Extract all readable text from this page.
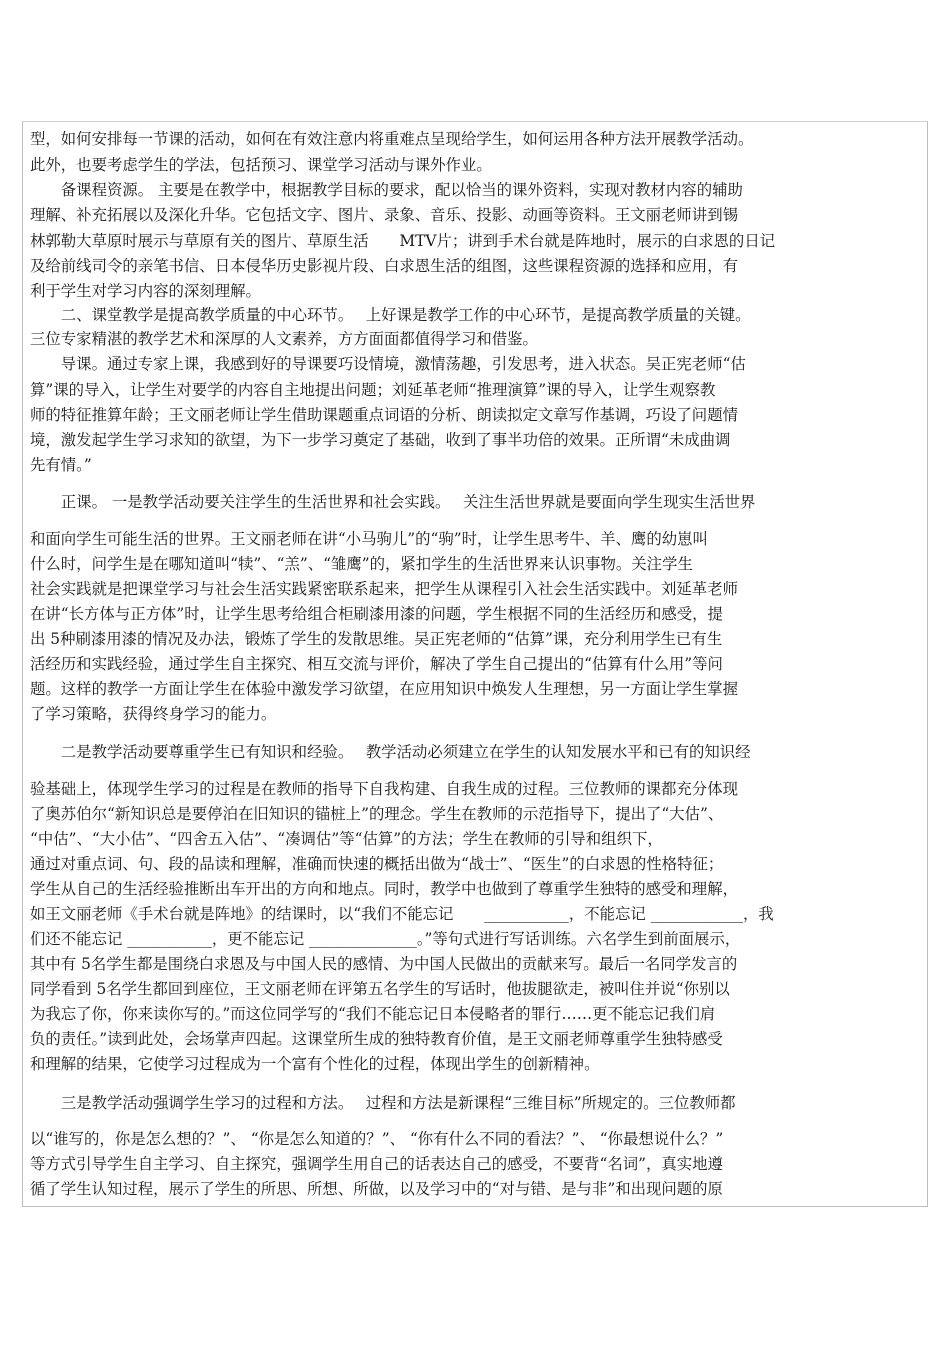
型，如何安排每一节课的活动，如何在有效注意内将重难点呈现给学生，如何运用各种方法开展教学活动。
此外，也要考虑学生的学法，包括预习、课堂学习活动与课外作业。
　　备课程资源。 主要是在教学中，根据教学目标的要求，配以恰当的课外资料，实现对教材内容的辅助
理解、补充拓展以及深化升华。它包括文字、图片、录象、音乐、投影、动画等资料。王文丽老师讲到锡
林郭勒大草原时展示与草原有关的图片、草原生活　　MTV片；讲到手术台就是阵地时，展示的白求恩的日记
及给前线司令的亲笔书信、日本侵华历史影视片段、白求恩生活的组图，这些课程资源的选择和应用，有
利于学生对学习内容的深刻理解。
　　二、课堂教学是提高教学质量的中心环节。　 上好课是教学工作的中心环节，是提高教学质量的关键。
三位专家精湛的教学艺术和深厚的人文素养，方方面面都值得学习和借鉴。
　　导课。通过专家上课，我感到好的导课要巧设情境，激情荡趣，引发思考，进入状态。吴正宪老师“估
算”课的导入，让学生对要学的内容自主地提出问题；刘延革老师“推理演算”课的导入，让学生观察教
师的特征推算年龄；王文丽老师让学生借助课题重点词语的分析、朗读拟定文章写作基调，巧设了问题情
境，激发起学生学习求知的欲望，为下一步学习奠定了基础，收到了事半功倍的效果。正所谓“未成曲调
先有情。”
　　正课。 一是教学活动要关注学生的生活世界和社会实践。　 关注生活世界就是要面向学生现实生活世界
和面向学生可能生活的世界。王文丽老师在讲“小马驹儿”的“驹”时，让学生思考牛、羊、鹰的幼崽叫
什么时，问学生是在哪知道叫“犊”、“羔”、“雏鹰”的，紧扣学生的生活世界来认识事物。关注学生
社会实践就是把课堂学习与社会生活实践紧密联系起来，把学生从课程引入社会生活实践中。刘延革老师
在讲“长方体与正方体”时，让学生思考给组合柜刷漆用漆的问题，学生根据不同的生活经历和感受，提
出 5种刷漆用漆的情况及办法，锻炼了学生的发散思维。吴正宪老师的“估算”课，充分利用学生已有生
活经历和实践经验，通过学生自主探究、相互交流与评价，解决了学生自己提出的“估算有什么用”等问
题。这样的教学一方面让学生在体验中激发学习欲望，在应用知识中焕发人生理想，另一方面让学生掌握
了学习策略，获得终身学习的能力。
　　二是教学活动要尊重学生已有知识和经验。　 教学活动必须建立在学生的认知发展水平和已有的知识经
验基础上，体现学生学习的过程是在教师的指导下自我构建、自我生成的过程。三位教师的课都充分体现
了奥苏伯尔“新知识总是要停泊在旧知识的锚桩上”的理念。学生在教师的示范指导下，提出了“大估”、
“中估”、“大小估”、“四舍五入估”、“凑调估”等“估算”的方法；学生在教师的引导和组织下，
通过对重点词、句、段的品读和理解，准确而快速的概括出做为“战士”、“医生”的白求恩的性格特征；
学生从自己的生活经验推断出车开出的方向和地点。同时，教学中也做到了尊重学生独特的感受和理解，
如王文丽老师《手术台就是阵地》的结课时，以“我们不能忘记　　___________，不能忘记 ____________，我
们还不能忘记 ___________，更不能忘记 ______________。”等句式进行写话训练。六名学生到前面展示，
其中有 5名学生都是围绕白求恩及与中国人民的感情、为中国人民做出的贡献来写。最后一名同学发言的
同学看到 5名学生都回到座位，王文丽老师在评第五名学生的写话时，他拔腿欲走，被叫住并说“你别以
为我忘了你，你来读你写的。”而这位同学写的“我们不能忘记日本侵略者的罪行……更不能忘记我们肩
负的责任。”读到此处，会场掌声四起。这课堂所生成的独特教育价值，是王文丽老师尊重学生独特感受
和理解的结果，它使学习过程成为一个富有个性化的过程，体现出学生的创新精神。
　　三是教学活动强调学生学习的过程和方法。　 过程和方法是新课程“三维目标”所规定的。三位教师都
以“谁写的，你是怎么想的？”、 “你是怎么知道的？”、 “你有什么不同的看法？”、 “你最想说什么？”
等方式引导学生自主学习、自主探究，强调学生用自己的话表达自己的感受，不要背“名词”，真实地遵
循了学生认知过程，展示了学生的所思、所想、所做，以及学习中的“对与错、是与非”和出现问题的原
